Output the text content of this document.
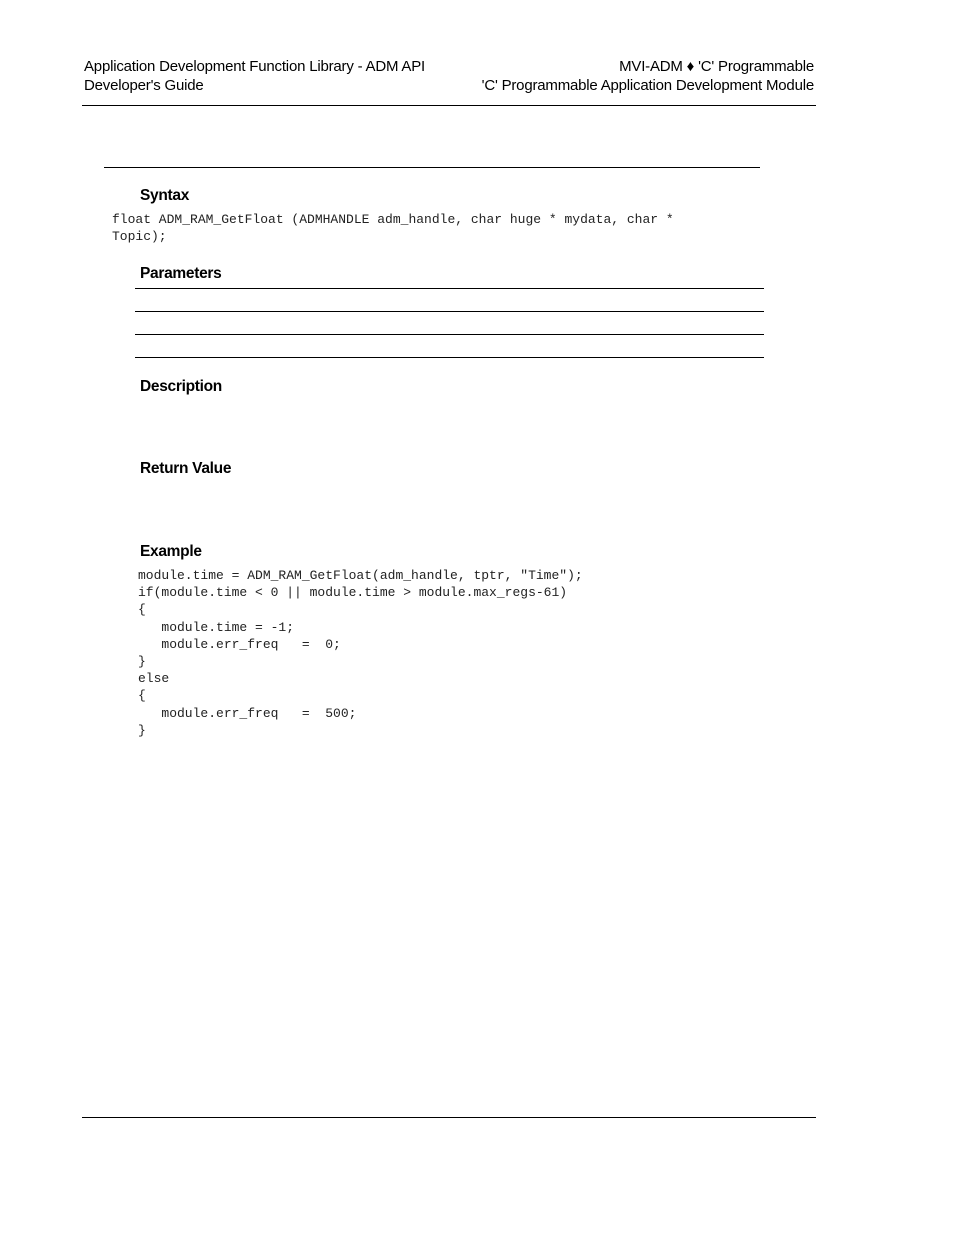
Application Development Function Library - ADM API
Developer's Guide
MVI-ADM ♦ 'C' Programmable
'C' Programmable Application Development Module
Syntax
float ADM_RAM_GetFloat (ADMHANDLE adm_handle, char huge * mydata, char *
Topic);
Parameters
Description
Return Value
Example
module.time = ADM_RAM_GetFloat(adm_handle, tptr, "Time");
if(module.time < 0 || module.time > module.max_regs-61)
{
module.time = -1;
module.err_freq   =  0;
}
else
{
module.err_freq   =  500;
}
